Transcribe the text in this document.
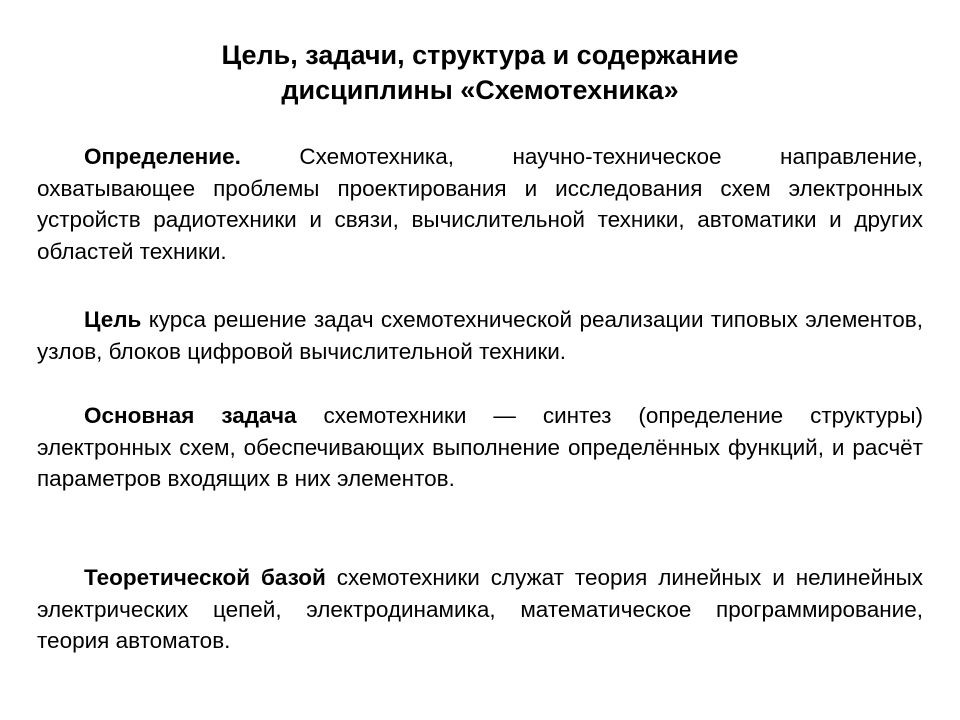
Цель, задачи, структура и содержание
дисциплины «Схемотехника»

Определение. Схемотехника, научно-техническое направление, охватывающее проблемы проектирования и исследования схем электронных устройств радиотехники и связи, вычислительной техники, автоматики и других областей техники.

Цель курса решение задач схемотехнической реализации типовых элементов, узлов, блоков цифровой вычислительной техники.

Основная задача схемотехники — синтез (определение структуры) электронных схем, обеспечивающих выполнение определённых функций, и расчёт параметров входящих в них элементов.

Теоретической базой схемотехники служат теория линейных и нелинейных электрических цепей, электродинамика, математическое программирование, теория автоматов.
